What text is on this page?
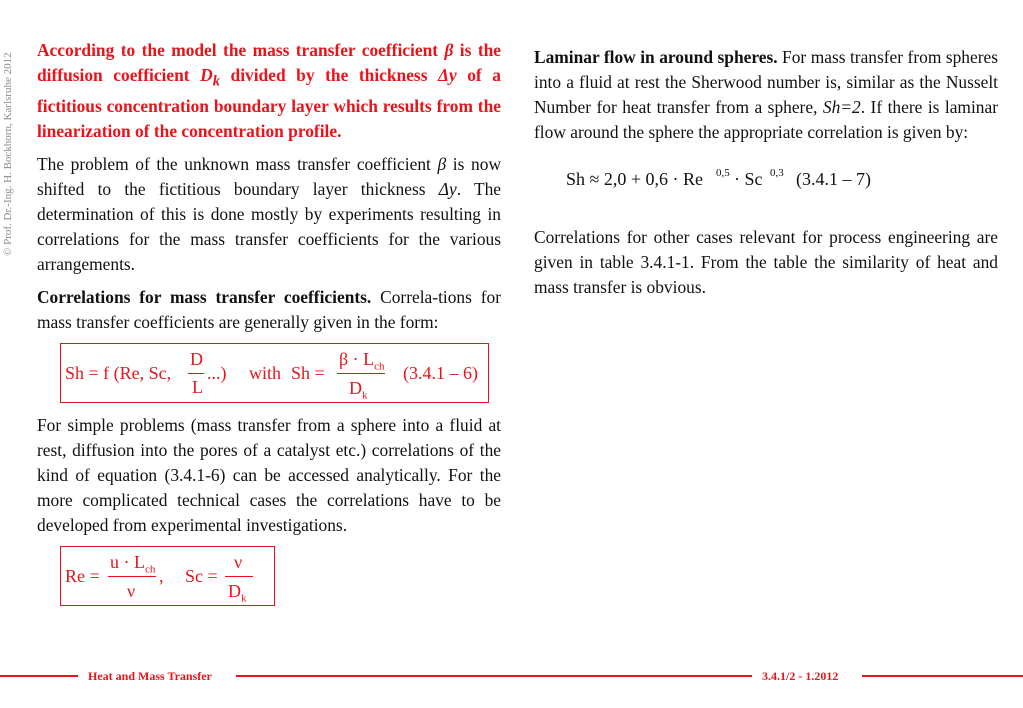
© Prof. Dr.-Ing. H. Bockhorn, Karlsruhe 2012

According to the model the mass transfer coefficient β is the diffusion coefficient $D_k$ divided by the thickness Δy of a fictitious concentration boundary layer which results from the linearization of the concentration profile.

The problem of the unknown mass transfer coefficient β is now shifted to the fictitious boundary layer thickness Δy. The determination of this is done mostly by experiments resulting in correlations for the mass transfer coefficients for the various arrangements.

Correlations for mass transfer coefficients. Correla-tions for mass transfer coefficients are generally given in the form:

Sh = f (Re, Sc,
D
L
...) with Sh =
$\beta \cdot L_{ch}$
$D_k$
(3.4.1 – 6)

For simple problems (mass transfer from a sphere into a fluid at rest, diffusion into the pores of a catalyst etc.) correlations of the kind of equation (3.4.1-6) can be accessed analytically. For the more complicated technical cases the correlations have to be developed from experimental investigations.

Re =
$u \cdot L_{ch}$
ν
, Sc =
ν
$D_k$

Laminar flow in around spheres. For mass transfer from spheres into a fluid at rest the Sherwood number is, similar as the Nusselt Number for heat transfer from a sphere, Sh=2. If there is laminar flow around the sphere the appropriate correlation is given by:

Sh ≈ 2,0 + 0,6 · Re 0,5 · Sc 0,3 (3.4.1 – 7)

Correlations for other cases relevant for process engineering are given in table 3.4.1-1. From the table the similarity of heat and mass transfer is obvious.

Heat and Mass Transfer	3.4.1/2 - 1.2012
